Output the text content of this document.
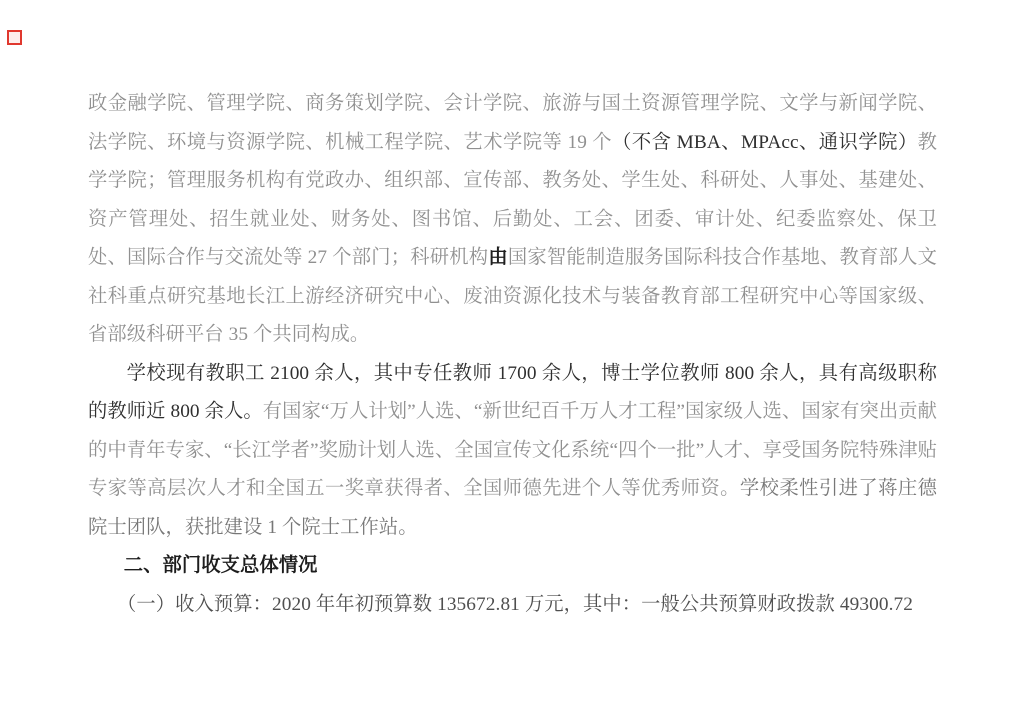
政金融学院、管理学院、商务策划学院、会计学院、旅游与国土资源管理学院、文学与新闻学院、法学院、环境与资源学院、机械工程学院、艺术学院等 19 个（不含 MBA、MPAcc、通识学院）教学学院；管理服务机构有党政办、组织部、宣传部、教务处、学生处、科研处、人事处、基建处、资产管理处、招生就业处、财务处、图书馆、后勤处、工会、团委、审计处、纪委监察处、保卫处、国际合作与交流处等 27 个部门；科研机构由国家智能制造服务国际科技合作基地、教育部人文社科重点研究基地长江上游经济研究中心、废油资源化技术与装备教育部工程研究中心等国家级、省部级科研平台 35 个共同构成。

学校现有教职工 2100 余人，其中专任教师 1700 余人，博士学位教师 800 余人，具有高级职称的教师近 800 余人。有国家“万人计划”人选、“新世纪百千万人才工程”国家级人选、国家有突出贡献的中青年专家、“长江学者”奖励计划人选、全国宣传文化系统“四个一批”人才、享受国务院特殊津贴专家等高层次人才和全国五一奖章获得者、全国师德先进个人等优秀师资。学校柔性引进了蒋庄德院士团队，获批建设 1 个院士工作站。

二、部门收支总体情况

（一）收入预算：2020 年年初预算数 135672.81 万元，其中：一般公共预算财政拨款 49300.72
